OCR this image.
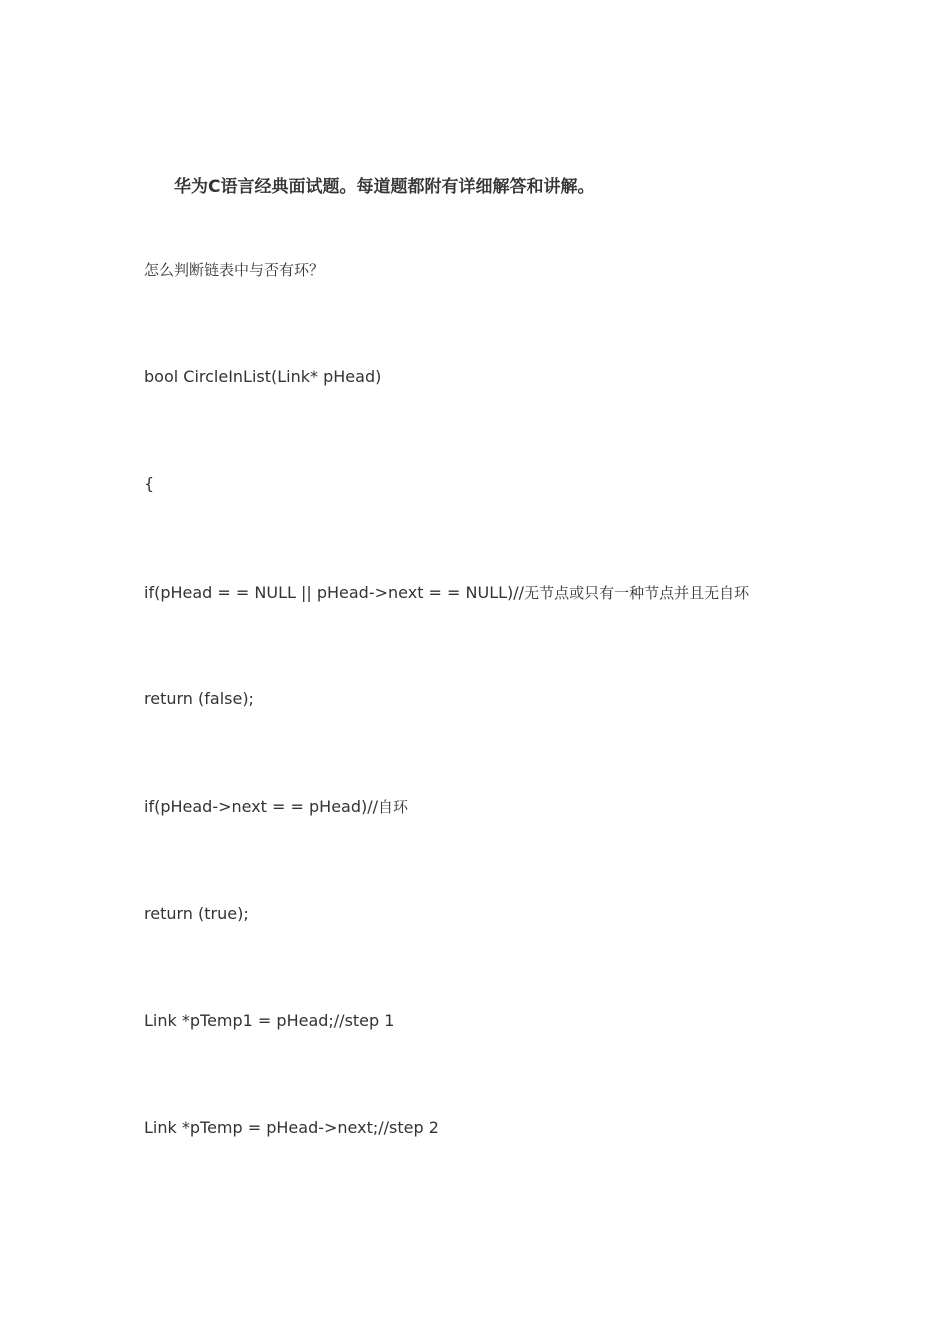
华为C语言经典面试题。每道题都附有详细解答和讲解。
怎么判断链表中与否有环？
bool CircleInList(Link* pHead)
{
if(pHead = = NULL || pHead->next = = NULL)//无节点或只有一种节点并且无自环
return (false);
if(pHead->next = = pHead)//自环
return (true);
Link *pTemp1 = pHead;//step 1
Link *pTemp = pHead->next;//step 2
